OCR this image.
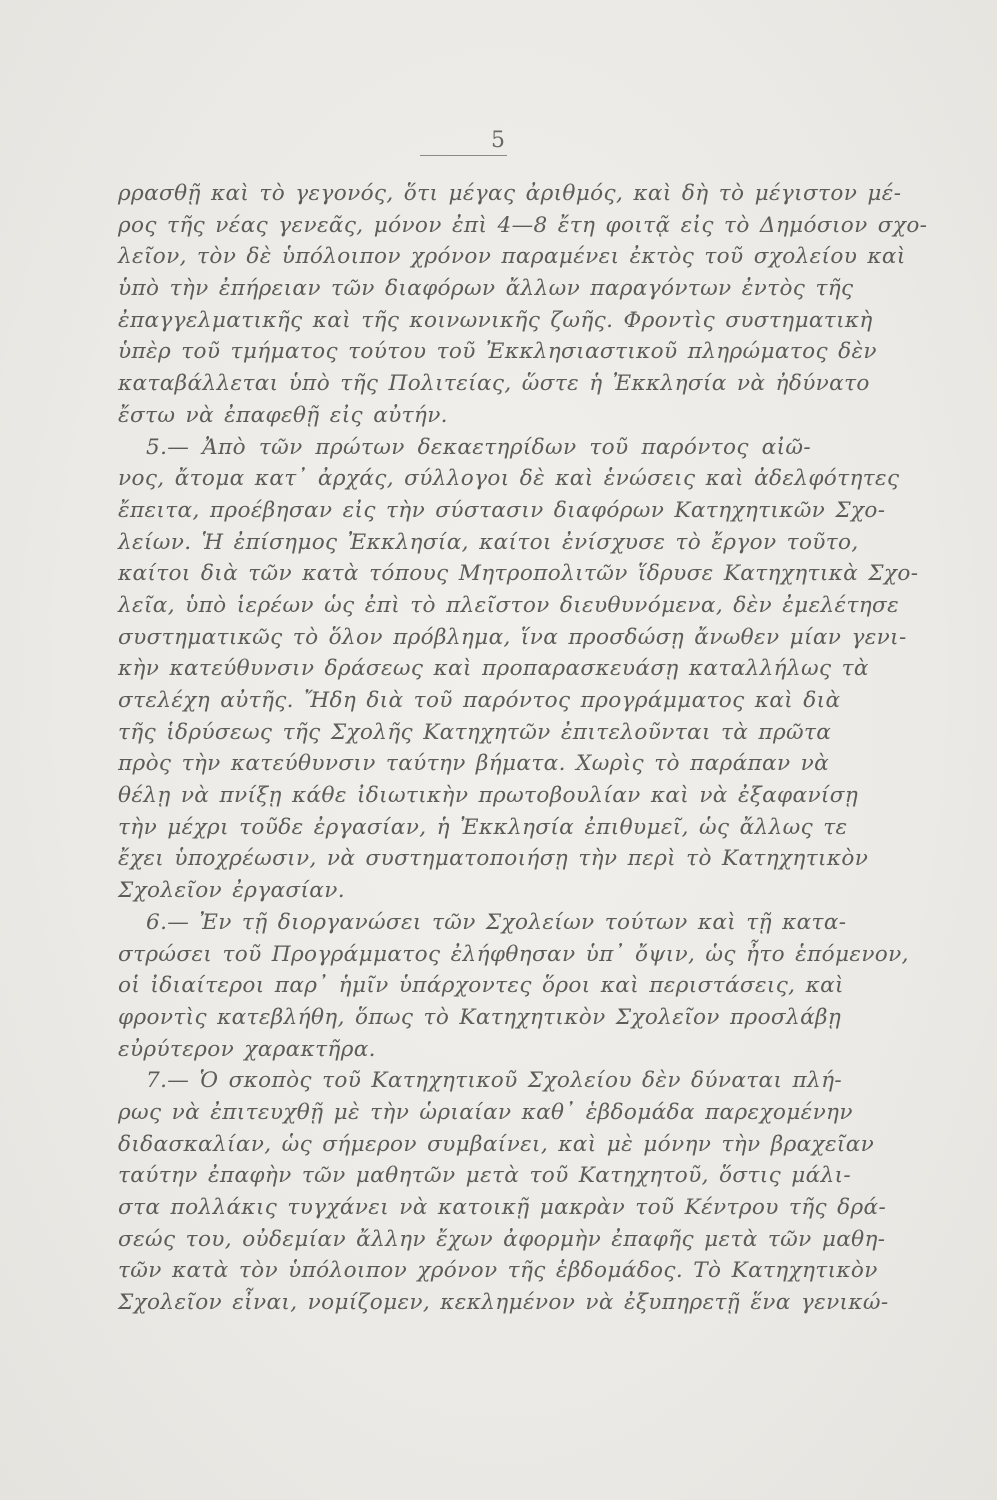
5
ρρασθῇ καὶ τὸ γεγονός, ὅτι μέγας ἀριθμός, καὶ δὴ τὸ μέγιστον μέ-
ρος τῆς νέας γενεᾶς, μόνον ἐπὶ 4—8 ἔτη φοιτᾷ εἰς τὸ Δημόσιον σχο-
λεῖον, τὸν δὲ ὑπόλοιπον χρόνον παραμένει ἐκτὸς τοῦ σχολείου καὶ
ὑπὸ τὴν ἐπήρειαν τῶν διαφόρων ἄλλων παραγόντων ἐντὸς τῆς
ἐπαγγελματικῆς καὶ τῆς κοινωνικῆς ζωῆς. Φροντὶς συστηματικὴ
ὑπὲρ τοῦ τμήματος τούτου τοῦ Ἐκκλησιαστικοῦ πληρώματος δὲν
καταβάλλεται ὑπὸ τῆς Πολιτείας, ὥστε ἡ Ἐκκλησία νὰ ἠδύνατο
ἔστω νὰ ἐπαφεθῇ εἰς αὐτήν.
5.— Ἀπὸ τῶν πρώτων δεκαετηρίδων τοῦ παρόντος αἰῶ-
νος, ἄτομα κατ᾽ ἀρχάς, σύλλογοι δὲ καὶ ἑνώσεις καὶ ἀδελφότητες
ἔπειτα, προέβησαν εἰς τὴν σύστασιν διαφόρων Κατηχητικῶν Σχο-
λείων. Ἡ ἐπίσημος Ἐκκλησία, καίτοι ἐνίσχυσε τὸ ἔργον τοῦτο,
καίτοι διὰ τῶν κατὰ τόπους Μητροπολιτῶν ἵδρυσε Κατηχητικὰ Σχο-
λεῖα, ὑπὸ ἱερέων ὡς ἐπὶ τὸ πλεῖστον διευθυνόμενα, δὲν ἐμελέτησε
συστηματικῶς τὸ ὅλον πρόβλημα, ἵνα προσδώσῃ ἄνωθεν μίαν γενι-
κὴν κατεύθυνσιν δράσεως καὶ προπαρασκευάσῃ καταλλήλως τὰ
στελέχη αὐτῆς. Ἤδη διὰ τοῦ παρόντος προγράμματος καὶ διὰ
τῆς ἱδρύσεως τῆς Σχολῆς Κατηχητῶν ἐπιτελοῦνται τὰ πρῶτα
πρὸς τὴν κατεύθυνσιν ταύτην βήματα. Χωρὶς τὸ παράπαν νὰ
θέλῃ νὰ πνίξῃ κάθε ἰδιωτικὴν πρωτοβουλίαν καὶ νὰ ἐξαφανίσῃ
τὴν μέχρι τοῦδε ἐργασίαν, ἡ Ἐκκλησία ἐπιθυμεῖ, ὡς ἄλλως τε
ἔχει ὑποχρέωσιν, νὰ συστηματοποιήσῃ τὴν περὶ τὸ Κατηχητικὸν
Σχολεῖον ἐργασίαν.
6.— Ἐν τῇ διοργανώσει τῶν Σχολείων τούτων καὶ τῇ κατα-
στρώσει τοῦ Προγράμματος ἐλήφθησαν ὑπ᾽ ὄψιν, ὡς ἦτο ἑπόμενον,
οἱ ἰδιαίτεροι παρ᾽ ἡμῖν ὑπάρχοντες ὅροι καὶ περιστάσεις, καὶ
φροντὶς κατεβλήθη, ὅπως τὸ Κατηχητικὸν Σχολεῖον προσλάβῃ
εὐρύτερον χαρακτῆρα.
7.— Ὁ σκοπὸς τοῦ Κατηχητικοῦ Σχολείου δὲν δύναται πλή-
ρως νὰ ἐπιτευχθῇ μὲ τὴν ὡριαίαν καθ᾽ ἑβδομάδα παρεχομένην
διδασκαλίαν, ὡς σήμερον συμβαίνει, καὶ μὲ μόνην τὴν βραχεῖαν
ταύτην ἐπαφὴν τῶν μαθητῶν μετὰ τοῦ Κατηχητοῦ, ὅστις μάλι-
στα πολλάκις τυγχάνει νὰ κατοικῇ μακρὰν τοῦ Κέντρου τῆς δρά-
σεώς του, οὐδεμίαν ἄλλην ἔχων ἀφορμὴν ἐπαφῆς μετὰ τῶν μαθη-
τῶν κατὰ τὸν ὑπόλοιπον χρόνον τῆς ἑβδομάδος. Τὸ Κατηχητικὸν
Σχολεῖον εἶναι, νομίζομεν, κεκλημένον νὰ ἐξυπηρετῇ ἕνα γενικώ-
